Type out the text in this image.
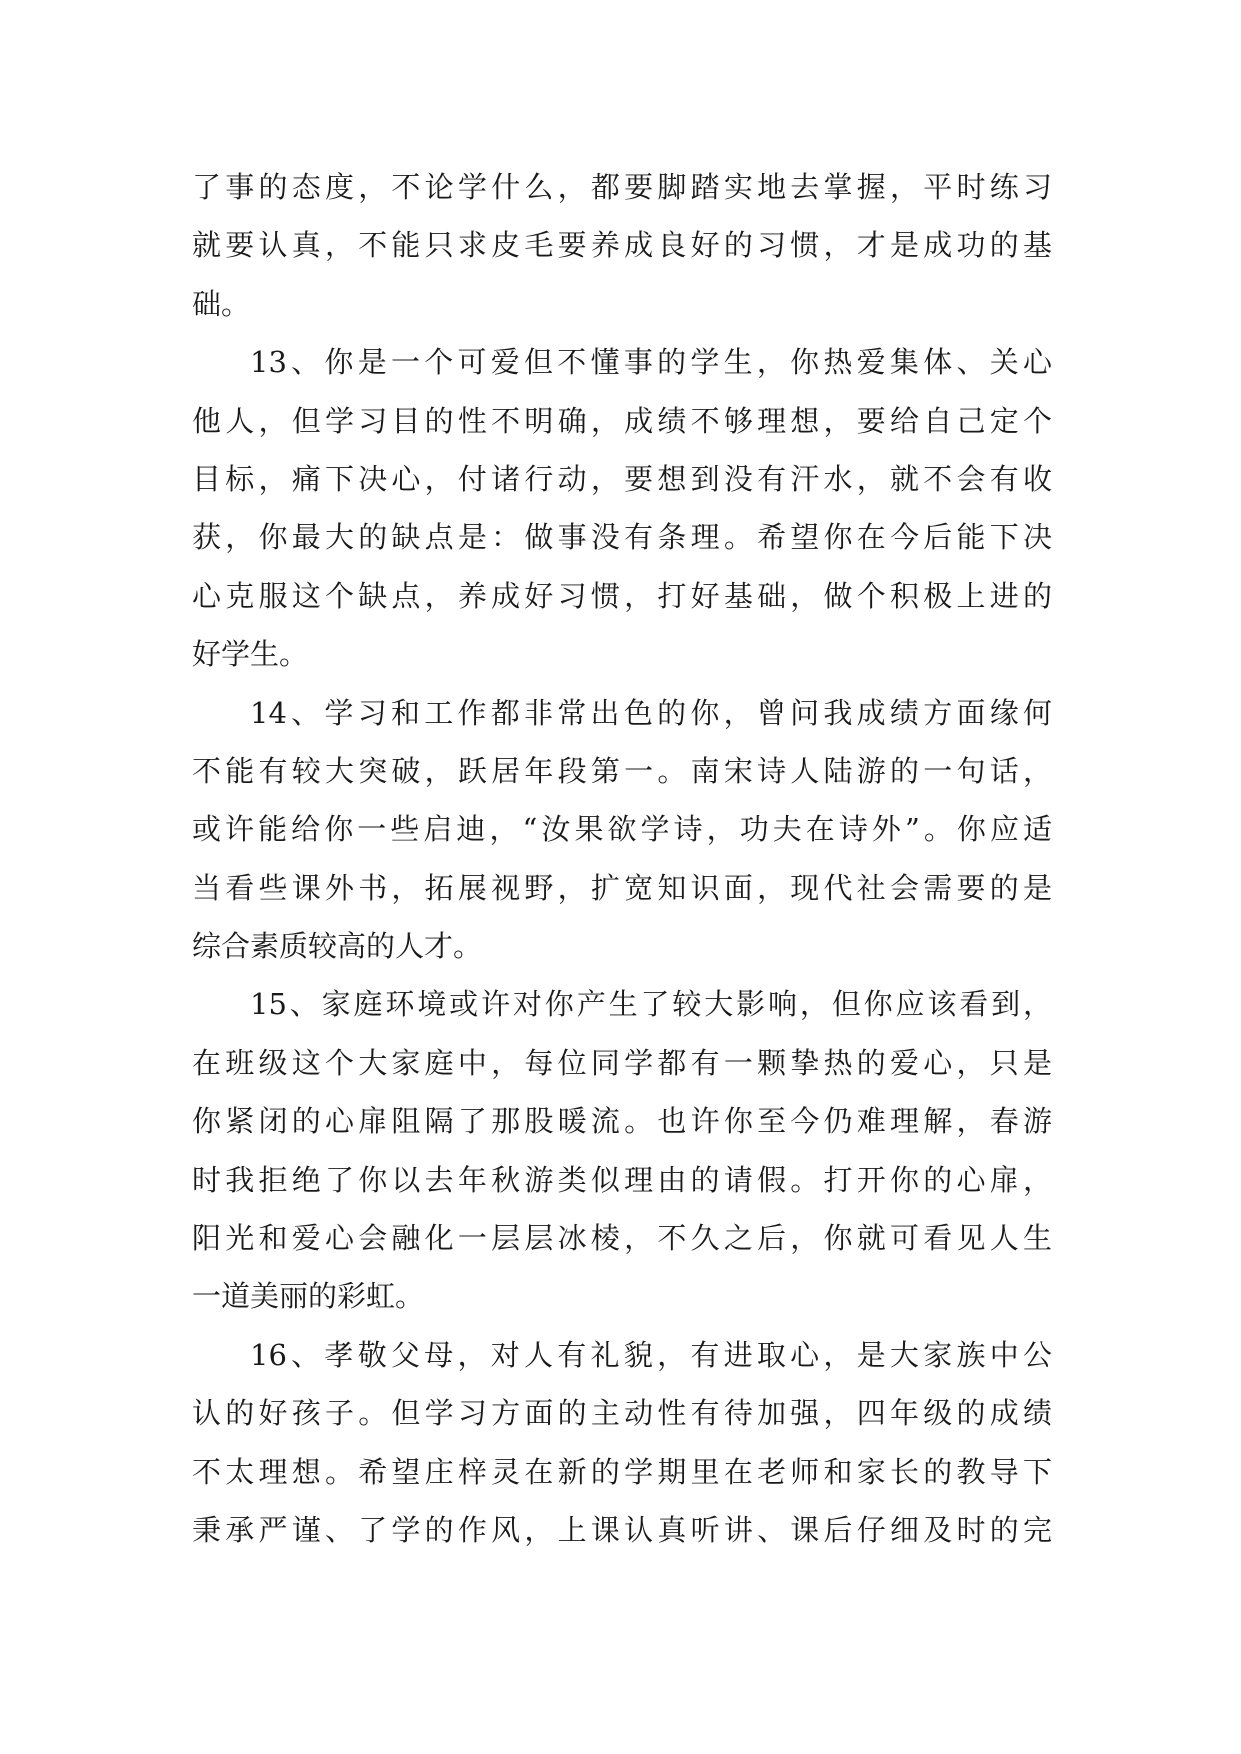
了事的态度，不论学什么，都要脚踏实地去掌握，平时练习
就要认真，不能只求皮毛要养成良好的习惯，才是成功的基
础。
13、你是一个可爱但不懂事的学生，你热爱集体、关心
他人，但学习目的性不明确，成绩不够理想，要给自己定个
目标，痛下决心，付诸行动，要想到没有汗水，就不会有收
获，你最大的缺点是：做事没有条理。希望你在今后能下决
心克服这个缺点，养成好习惯，打好基础，做个积极上进的
好学生。
14、学习和工作都非常出色的你，曾问我成绩方面缘何
不能有较大突破，跃居年段第一。南宋诗人陆游的一句话，
或许能给你一些启迪，“汝果欲学诗，功夫在诗外”。你应适
当看些课外书，拓展视野，扩宽知识面，现代社会需要的是
综合素质较高的人才。
15、家庭环境或许对你产生了较大影响，但你应该看到，
在班级这个大家庭中，每位同学都有一颗挚热的爱心，只是
你紧闭的心扉阻隔了那股暖流。也许你至今仍难理解，春游
时我拒绝了你以去年秋游类似理由的请假。打开你的心扉，
阳光和爱心会融化一层层冰棱，不久之后，你就可看见人生
一道美丽的彩虹。
16、孝敬父母，对人有礼貌，有进取心，是大家族中公
认的好孩子。但学习方面的主动性有待加强，四年级的成绩
不太理想。希望庄梓灵在新的学期里在老师和家长的教导下
秉承严谨、了学的作风，上课认真听讲、课后仔细及时的完
